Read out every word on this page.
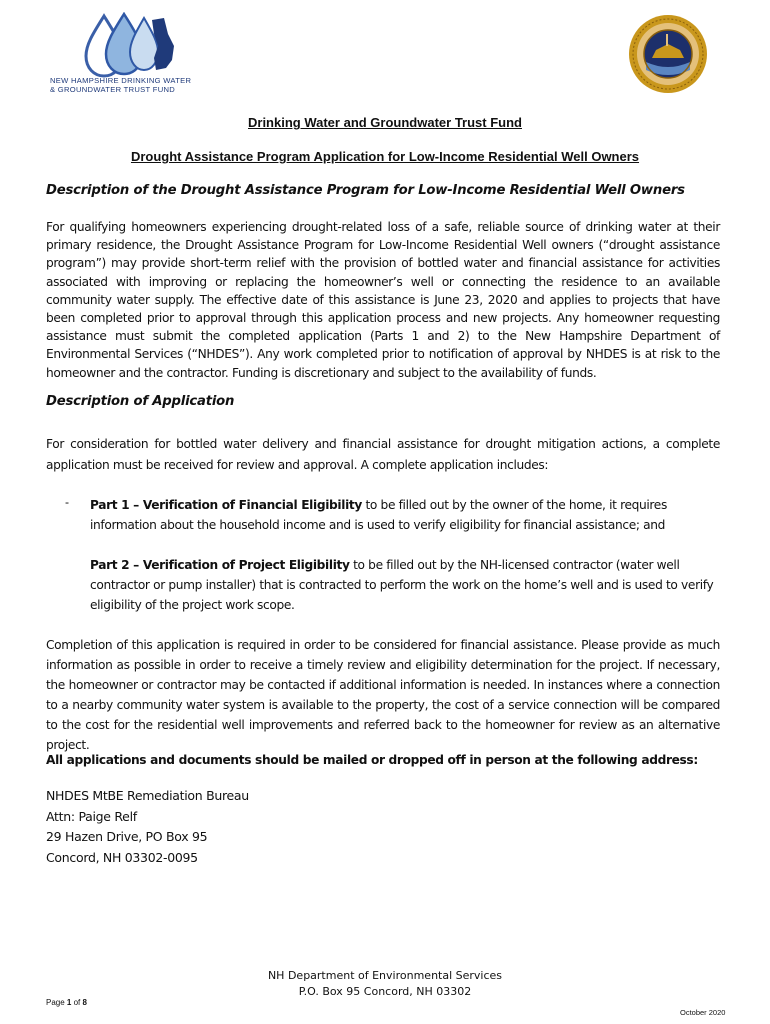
NEW HAMPSHIRE DRINKING WATER
& GROUNDWATER TRUST FUND
Drinking Water and Groundwater Trust Fund
Drought Assistance Program Application for Low-Income Residential Well Owners
Description of the Drought Assistance Program for Low-Income Residential Well Owners
For qualifying homeowners experiencing drought-related loss of a safe, reliable source of drinking water at their primary residence, the Drought Assistance Program for Low-Income Residential Well owners (“drought assistance program”) may provide short-term relief with the provision of bottled water and financial assistance for activities associated with improving or replacing the homeowner’s well or connecting the residence to an available community water supply. The effective date of this assistance is June 23, 2020 and applies to projects that have been completed prior to approval through this application process and new projects. Any homeowner requesting assistance must submit the completed application (Parts 1 and 2) to the New Hampshire Department of Environmental Services (“NHDES”). Any work completed prior to notification of approval by NHDES is at risk to the homeowner and the contractor. Funding is discretionary and subject to the availability of funds.
Description of Application
For consideration for bottled water delivery and financial assistance for drought mitigation actions, a complete application must be received for review and approval. A complete application includes:
- Part 1 – Verification of Financial Eligibility to be filled out by the owner of the home, it requires information about the household income and is used to verify eligibility for financial assistance; and
Part 2 – Verification of Project Eligibility to be filled out by the NH-licensed contractor (water well contractor or pump installer) that is contracted to perform the work on the home’s well and is used to verify eligibility of the project work scope.
Completion of this application is required in order to be considered for financial assistance. Please provide as much information as possible in order to receive a timely review and eligibility determination for the project. If necessary, the homeowner or contractor may be contacted if additional information is needed. In instances where a connection to a nearby community water system is available to the property, the cost of a service connection will be compared to the cost for the residential well improvements and referred back to the homeowner for review as an alternative project.
All applications and documents should be mailed or dropped off in person at the following address:
NHDES MtBE Remediation Bureau
Attn: Paige Relf
29 Hazen Drive, PO Box 95
Concord, NH 03302-0095
NH Department of Environmental Services
P.O. Box 95 Concord, NH 03302
Page 1 of 8
October 2020
